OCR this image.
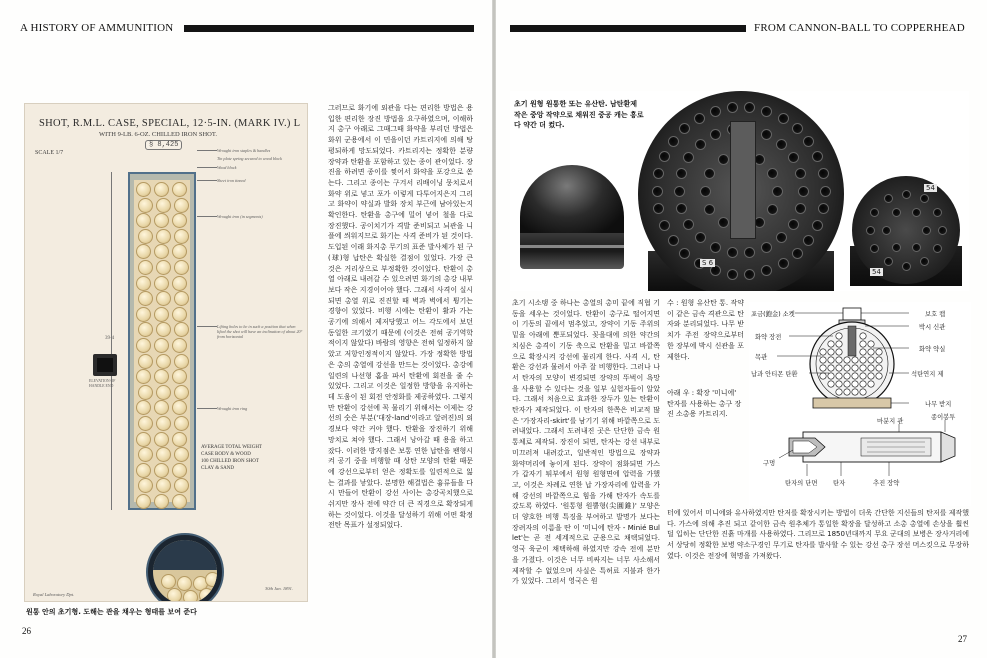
A HISTORY OF AMMUNITION
SHOT, R.M.L. CASE, SPECIAL, 12·5-IN. (MARK IV.) L
WITH 9-LB. 6-OZ. CHILLED IRON SHOT.
SCALE 1/7
§ 8,425
Wrought iron staples & handles
Tin plate spring secured to wood block
Wood block
Sheet iron tinned
Wrought iron (in segments)
Lifting holes to be in such a position that when lifted the shot will have an inclination of about 20° from horizontal
Wrought iron ring
39·4
ELEVATION OF HANDLE END
AVERAGE TOTAL WEIGHT
CASE BODY & WOOD
100 CHILLED IRON SHOT
CLAY & SAND
Royal Laboratory Dpt.
30th Jan. 1891.
원통 안의 초기형. 도해는 관을 채우는 형태를 보여 준다
그러므로 화기에 외관을 다는 편리한 방법은 용입한 편리한 장진 방법을 요구하였으며, 이해하지 총구 아래로 그때그때 화약을 부리던 방법은 화위 군용에서 이 민을이던 카트리지에 의해 탕평되하게 망도되었다. 카트리지는 정확한 분량 장약과 탄환을 포함하고 있는 종이 관이었다. 장진을 하려면 종이를 찢어서 화약을 포강으로 쏟는다. 그리고 종이는 구겨서 리배이닝 뭉치로서 화약 위로 넣고 포가 이렇게 다투어지은지 그리고 화약이 약실과 발화 장치 부근에 남아있는지 확인한다. 탄환을 총구에 밀어 넣어 철을 다로 장진했다. 공이치기가 격발 준비되고 뇌관을 니플에 씌워지므로 화기는 사격 준비가 된 것이다. 도입된 이래 화지총 무기의 표준 발사체가 된 구(球)형 납탄은 확실한 결점이 있었다. 가장 큰 것은 거리상으로 부정확한 것이었다. 탄환이 총열 아래로 내려갈 수 있으려면 화기의 총강 내부보다 작은 지경이어야 했다. 그래서 사격이 실시되면 총열 위로 진진할 때 벽과 벽에서 튕기는 경향이 있었다. 비행 시에는 탄환이 활과 가는 공기에 의해서 제저당했고 어느 각도에서 보던 동일한 크기였기 때문에 (이것은 전혀 공기역학적이지 않았다) 바람의 영향은 전혀 일정하지 않았고 저항인정적이지 않았다. 가장 정확한 방법은 총의 총열에 강선을 만드는 것이었다. 총강에 일련의 나선형 홈을 파서 탄환에 회전을 줄 수 있었다. 그리고 이것은 일정한 방향을 유지하는데 도움이 된 회전 안정화를 제공하였다. 그렇지만 탄환이 강선에 꼭 물리기 위해서는 이제는 강선의 숫은 부분('대장-land'이라고 알려진)의 외경보다 약간 커야 했다. 탄환을 장진하기 위해 망치로 쳐야 했다. 그래서 낭아갈 때 용을 하고 잤다. 이러한 방지점은 보통 연한 납탄을 팬형시켜 공기 중을 비행할 때 상탄 모양의 탄환 때문에 강선으로부터 얻은 정확도를 일련적으로 잃는 결과를 낳았다. 분명한 해결법은 흉류들을 다시 만들어 탄환이 강선 사이는 총강곡치했으로 쉬지만 장사 전에 약간 더 큰 직경으로 확장되게 하는 것이었다. 이것을 달성하기 위해 어떤 확정 전탄 목표가 설정되었다.
26
FROM CANNON-BALL TO COPPERHEAD
27
S 6
54
54
초기 원형 원통한 또는 유산탄. 남탄환제 작은 중앙 작약으로 채워진 중공 캐는 흥로다 약간 더 컸다.
초기 시소탱 중 하나는 총열의 총미 끝에 직협 기동을 세우는 것이었다. 탄환이 총구로 떨어지면 이 기동의 끝에서 멈추었고, 장약이 기동 주위의 밑을 아래에 뿐포되었다. 꽂을대에 의한 약간의 치심은 총격이 기동 축으로 탄환을 밀고 바깥쪽으로 확장시켜 강선에 물리게 한다. 사격 시, 탄환은 강선과 물려서 아주 잘 비행한다. 그러나 나서 탄자의 모양이 변경되면 장약의 뚜벅이 욕망을 사용할 수 있다는 것을 일부 실험자들이 알았다. 그래서 처음으로 효과한 장두가 있는 탄환이 탄자가 제작되었다. 이 탄자의 한쪽은 비교적 많은 '가장자리-skirt'를 남기기 위해 바깥쪽으로 도려내었다. 그래서 도려내진 곳은 단단한 금속 원통체로 제작되. 장진이 되면, 탄자는 강선 내부로 미끄러져 내려갔고, 일반적인 방법으로 장약과 화약머리에 놓이게 된다. 장약이 점화되면 가스가 갑자기 튀부에서 원형 원형면에 압력을 가했고, 이것은 차례로 연한 납 가장자리에 압력을 가해 강선의 바깥쪽으로 힘을 가해 탄자가 속도를 갔도록 하였다. '원통형 원뿔형(尖圓錐)' 모양은 더 양호한 비행 특징을 부여하고 발명가 보다는 장려자의 이름을 딴 이 '미니에 탄자 - Minié Bullet'는 곧 전 세계적으로 군용으로 채택되었다. 영국 육군이 채택하해 하였지만 강속 전에 분만을 가졌다. 이것은 너무 비싸지는 너무 사소해서 제작할 수 없었으며 사실은 특허료 지불과 한가가 있었다. 그러서 영국은 원
수 : 원형 유산탄 통. 작약이 같은 금속 격관으로 탄자와 분리되었다. 나무 받치가 주전 장약으로부터 한 장부에 박시 신관을 포제한다.
아래 우 : 확장 '미니에' 탄자를 사용하는 총구 장진 소총용 카트리지.
터에 있어서 미니에와 유사하였지만 탄저를 확장시키는 방법이 더욱 간단한 지신들의 탄저를 제작했다. 가스에 의해 추진 되고 같이한 금속 원추체가 통일한 확장을 달성하고 소총 총열에 손상을 훨씬 덜 입히는 단단한 진흙 마개를 사용하였다. 그리므로 1850년대까지 무요 군대의 보병은 장사거리에서 상당히 정확한 보병 약소구경인 무기로 탄자를 발사할 수 있는 강선 총구 장선 머스킷으로 무장하였다. 이것은 전장에 혁명을 가져왔다.
포금(鉋金) 소켓
화약 장전
목관
납과 안티몬 탄환
보호 캡
박시 신관
화약 약실
석탄연지 제
나무 받지
마분지 관
종이봉투
구멍
탄자의 단면 탄자	추진 장약
